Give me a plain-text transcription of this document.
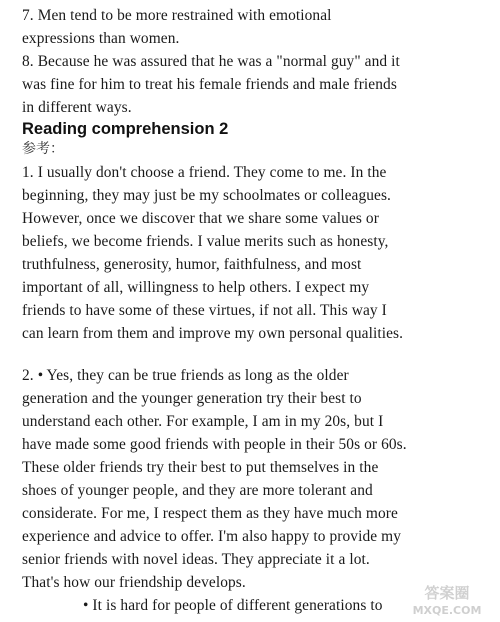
7. Men tend to be more restrained with emotional
expressions than women.
8. Because he was assured that he was a "normal guy" and it
was fine for him to treat his female friends and male friends
in different ways.
Reading comprehension 2
参考：
1. I usually don't choose a friend. They come to me. In the
beginning, they may just be my schoolmates or colleagues.
However, once we discover that we share some values or
beliefs, we become friends. I value merits such as honesty,
truthfulness, generosity, humor, faithfulness, and most
important of all, willingness to help others. I expect my
friends to have some of these virtues, if not all. This way I
can learn from them and improve my own personal qualities.
2. • Yes, they can be true friends as long as the older
generation and the younger generation try their best to
understand each other. For example, I am in my 20s, but I
have made some good friends with people in their 50s or 60s.
These older friends try their best to put themselves in the
shoes of younger people, and they are more tolerant and
considerate. For me, I respect them as they have much more
experience and advice to offer. I'm also happy to provide my
senior friends with novel ideas. They appreciate it a lot.
That's how our friendship develops.
• It is hard for people of different generations to
答案圈
MXQE.COM
